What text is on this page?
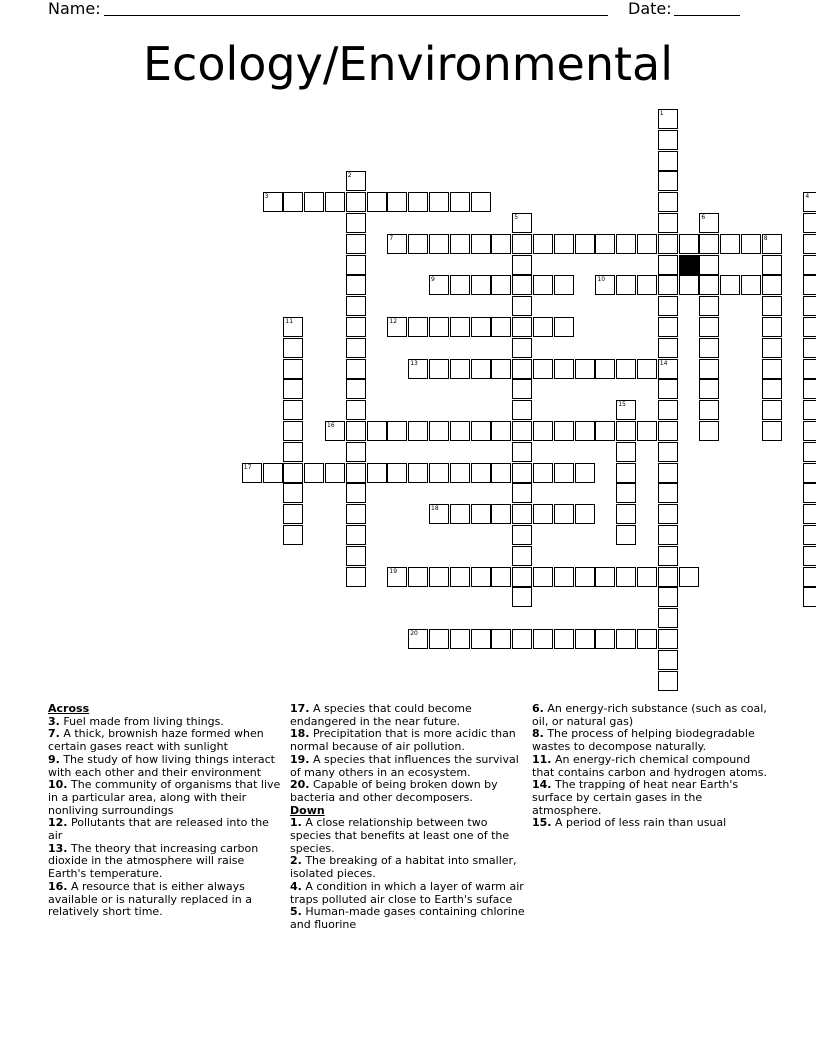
Name:	Date:
Ecology/Environmental
1
14
2
3	4
5	6
7	8
9	10
11	12
13
15
16
17
18
19
20

Across

3. Fuel made from living things.

7. A thick, brownish haze formed when certain gases react with sunlight

9. The study of how living things interact with each other and their environment

10. The community of organisms that live in a particular area, along with their nonliving surroundings

12. Pollutants that are released into the air

13. The theory that increasing carbon dioxide in the atmosphere will raise Earth's temperature.

16. A resource that is either always available or is naturally replaced in a relatively short time.

17. A species that could become endangered in the near future.

18. Precipitation that is more acidic than normal because of air pollution.

19. A species that influences the survival of many others in an ecosystem.

20. Capable of being broken down by bacteria and other decomposers.

Down

1. A close relationship between two species that benefits at least one of the species.

2. The breaking of a habitat into smaller, isolated pieces.

4. A condition in which a layer of warm air traps polluted air close to Earth's suface

5. Human-made gases containing chlorine and fluorine

6. An energy-rich substance (such as coal, oil, or natural gas)

8. The process of helping biodegradable wastes to decompose naturally.

11. An energy-rich chemical compound that contains carbon and hydrogen atoms.

14. The trapping of heat near Earth's surface by certain gases in the atmosphere.

15. A period of less rain than usual
